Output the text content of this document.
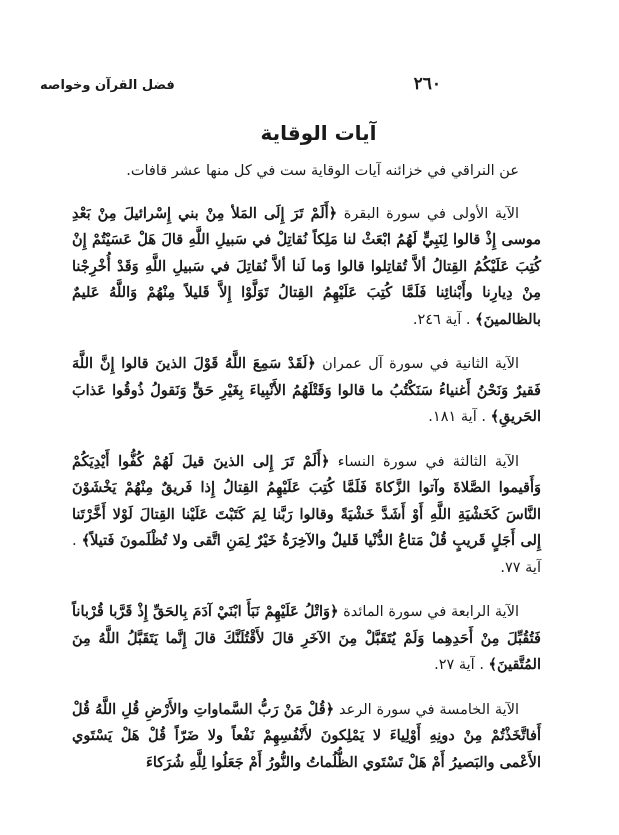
٢٦٠
فضل القرآن وخواصه
آيات الوقاية

عن النراقي في خزائنه آيات الوقاية ست في كل منها عشر قافات.

الآية الأولى في سورة البقرة ﴿أَلَمْ تَرَ إِلَى المَلأ مِنْ بني إِسْرائيلَ مِنْ بَعْدِ موسى إِذْ قالوا لِنَبِيٍّ لَهُمُ ابْعَثْ لنا مَلِكاً نُقاتِلْ في سَبيلِ اللَّهِ قالَ هَلْ عَسَيْتُمْ إِنْ كُتِبَ عَلَيْكُمُ القِتالُ ألاَّ تُقاتِلوا قالوا وَما لَنا ألاَّ نُقاتِلَ في سَبيلِ اللَّهِ وَقَدْ أُخْرِجْنا مِنْ دِيارِنا وأَبْنائِنا فَلَمَّا كُتِبَ عَلَيْهِمُ القِتالُ تَوَلَّوْا إِلاَّ قَليلاً مِنْهُمْ وَاللَّهُ عَليمٌ بالظالمينَ﴾ . آية ٢٤٦.

الآية الثانية في سورة آل عمران ﴿لَقَدْ سَمِعَ اللَّهُ قَوْلَ الذينَ قالوا إِنَّ اللَّهَ فَقيرٌ وَنَحْنُ أَغنياءُ سَنَكْتُبُ ما قالوا وَقَتْلَهُمُ الأَنْبِياءَ بِغَيْرِ حَقٍّ وَنَقولُ ذُوقُوا عَذابَ الحَريقِ﴾ . آية ١٨١.

الآية الثالثة في سورة النساء ﴿أَلَمْ تَرَ إِلى الذينَ قيلَ لَهُمْ كُفُّوا أَيْدِيَكُمْ وَأَقيموا الصَّلاةَ وآتوا الزَّكاةَ فَلَمَّا كُتِبَ عَلَيْهِمُ القِتالُ إِذا فَريقٌ مِنْهُمْ يَخْشَوْنَ النَّاسَ كَخَشْيَةِ اللَّهِ أَوْ أَشَدَّ خَشْيَةً وقالوا رَبَّنا لِمَ كَتَبْتَ عَلَيْنا القِتالَ لَوْلا أَخَّرْتَنا إِلى أَجَلٍ قَريبٍ قُلْ مَتاعُ الدُّنْيا قَليلٌ والآخِرَةُ خَيْرٌ لِمَنِ اتَّقى ولا تُظْلَمونَ فَتيلاً﴾ . آية ٧٧.

الآية الرابعة في سورة المائدة ﴿وَاتْلُ عَلَيْهِمْ نَبَأَ ابْنَيْ آدَمَ بِالحَقِّ إِذْ قَرَّبا قُرْباناً فَتُقُبِّلَ مِنْ أَحَدِهِما وَلَمْ يُتَقَبَّلْ مِنَ الآخَرِ قالَ لأَقْتُلَنَّكَ قالَ إِنَّما يَتَقَبَّلُ اللَّهُ مِنَ المُتَّقينَ﴾ . آية ٢٧.

الآية الخامسة في سورة الرعد ﴿قُلْ مَنْ رَبُّ السَّماواتِ والأَرْضِ قُلِ اللَّهُ قُلْ أَفاتَّخَذْتُمْ مِنْ دونِهِ أَوْلِياءَ لا يَمْلِكونَ لأَنْفُسِهِمْ نَفْعاً ولا ضَرّاً قُلْ هَلْ يَسْتَوي الأَعْمى والبَصيرُ أَمْ هَلْ تَسْتَوي الظُّلُماتُ والنُّورُ أَمْ جَعَلُوا لِلَّهِ شُرَكاءَ
